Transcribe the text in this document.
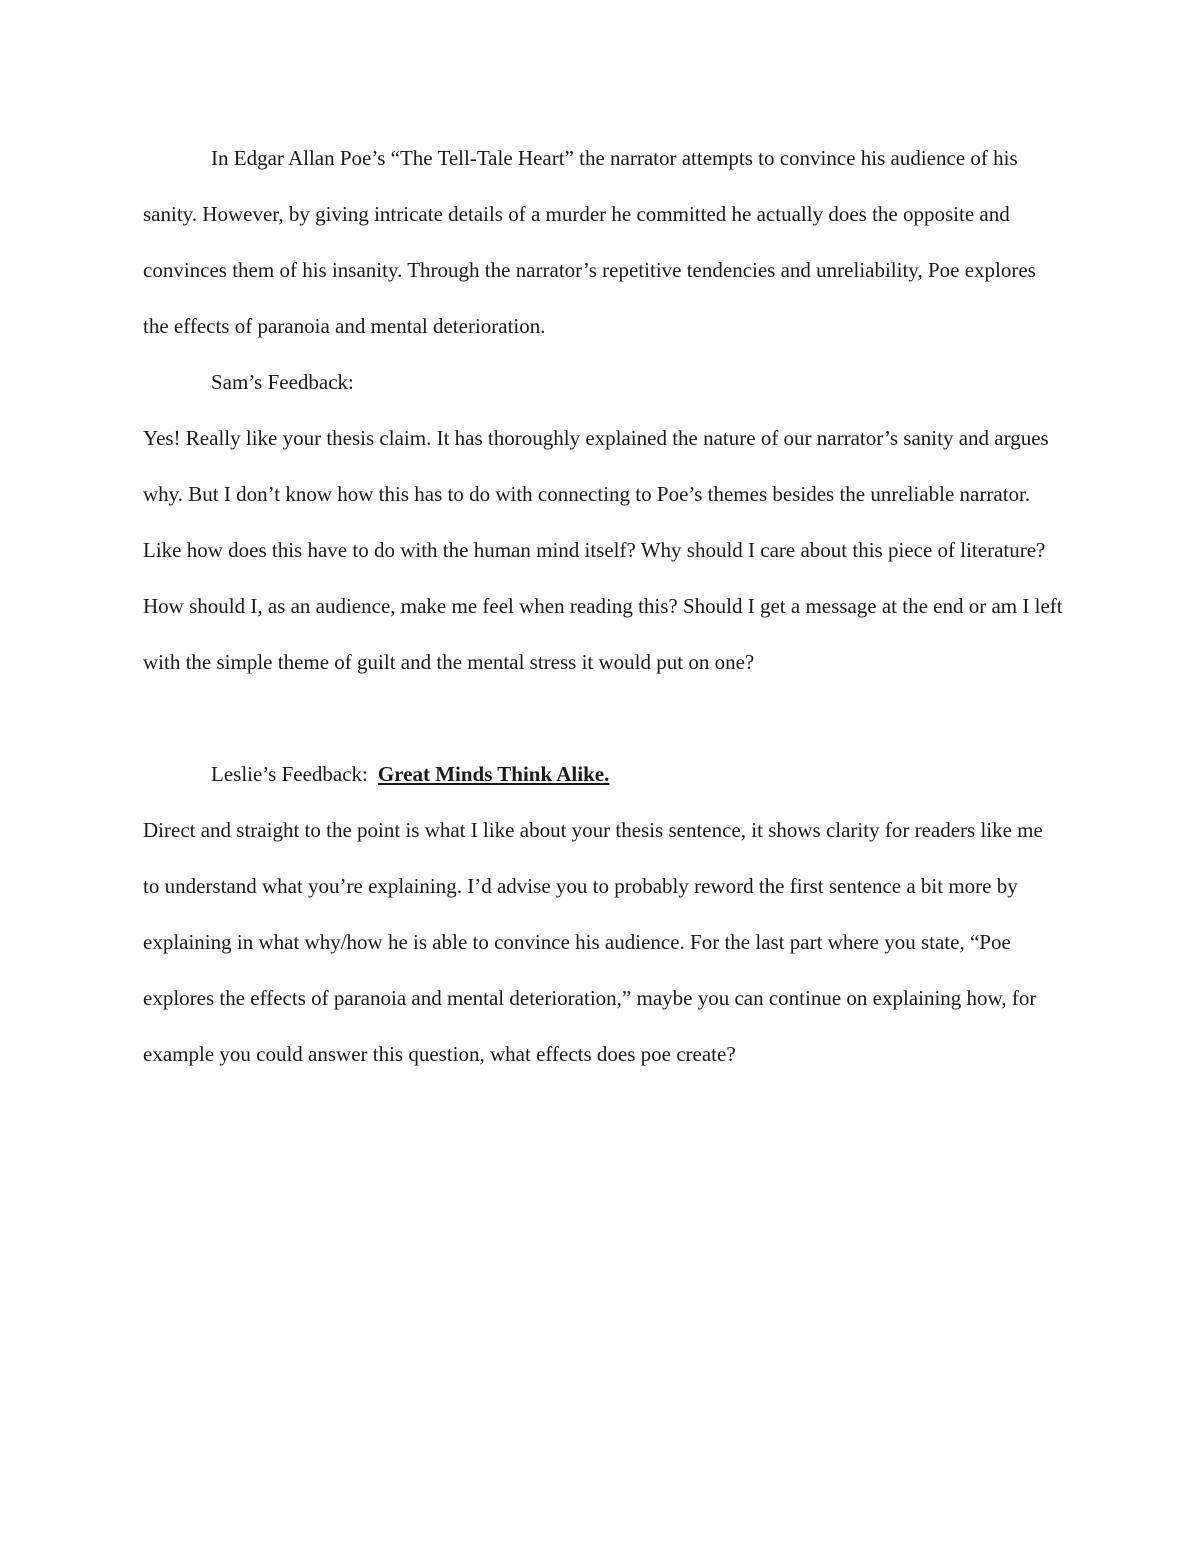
In Edgar Allan Poe’s “The Tell-Tale Heart” the narrator attempts to convince his audience of his sanity. However, by giving intricate details of a murder he committed he actually does the opposite and convinces them of his insanity. Through the narrator’s repetitive tendencies and unreliability, Poe explores the effects of paranoia and mental deterioration.

Sam’s Feedback:

Yes! Really like your thesis claim. It has thoroughly explained the nature of our narrator’s sanity and argues why. But I don’t know how this has to do with connecting to Poe’s themes besides the unreliable narrator. Like how does this have to do with the human mind itself? Why should I care about this piece of literature? How should I, as an audience, make me feel when reading this? Should I get a message at the end or am I left with the simple theme of guilt and the mental stress it would put on one?

Leslie’s Feedback: Great Minds Think Alike.

Direct and straight to the point is what I like about your thesis sentence, it shows clarity for readers like me to understand what you’re explaining. I’d advise you to probably reword the first sentence a bit more by explaining in what why/how he is able to convince his audience. For the last part where you state, “Poe explores the effects of paranoia and mental deterioration,” maybe you can continue on explaining how, for example you could answer this question, what effects does poe create?
